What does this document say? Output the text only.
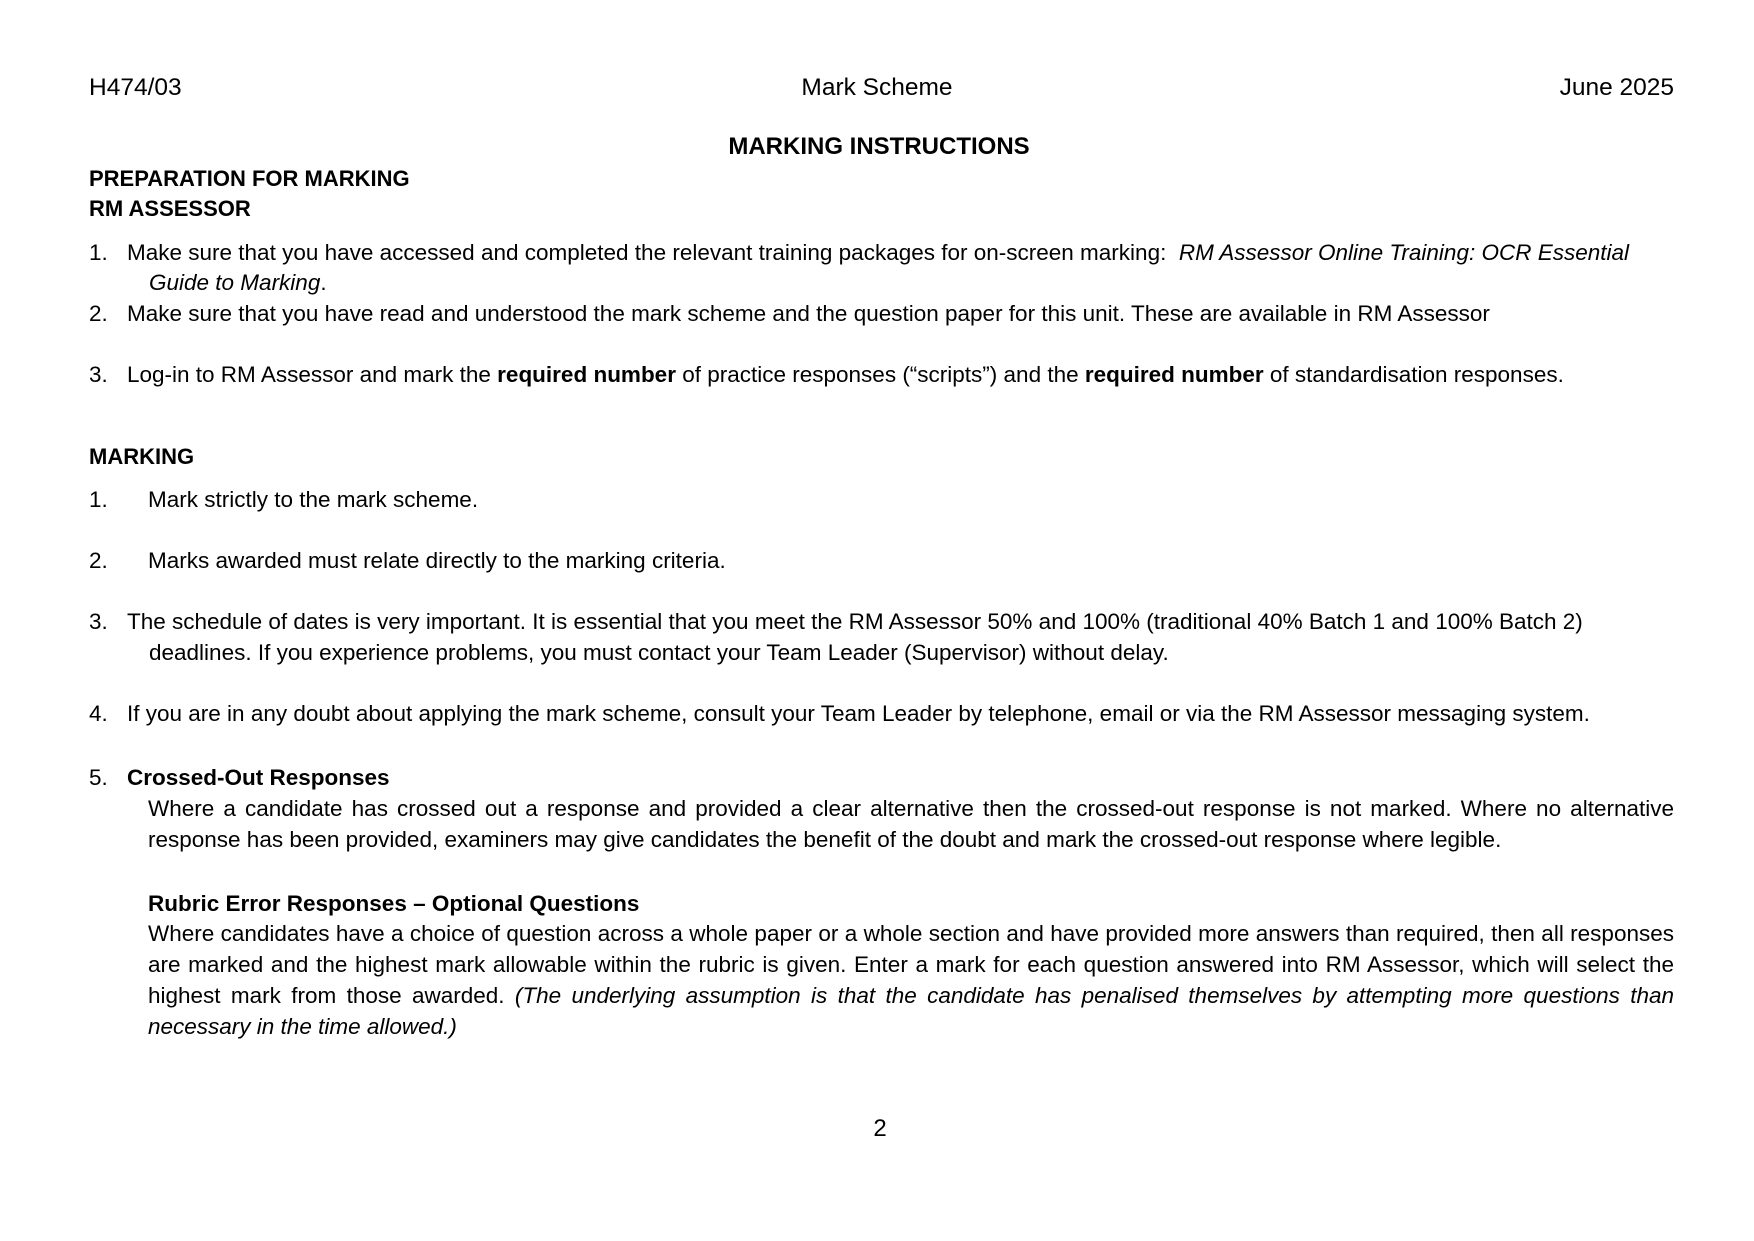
H474/03	Mark Scheme	June 2025
MARKING INSTRUCTIONS
PREPARATION FOR MARKING
RM ASSESSOR
1. Make sure that you have accessed and completed the relevant training packages for on-screen marking: RM Assessor Online Training: OCR Essential
Guide to Marking.
2. Make sure that you have read and understood the mark scheme and the question paper for this unit. These are available in RM Assessor
3. Log-in to RM Assessor and mark the required number of practice responses (“scripts”) and the required number of standardisation responses.
MARKING
1. Mark strictly to the mark scheme.
2. Marks awarded must relate directly to the marking criteria.
3. The schedule of dates is very important. It is essential that you meet the RM Assessor 50% and 100% (traditional 40% Batch 1 and 100% Batch 2)
deadlines. If you experience problems, you must contact your Team Leader (Supervisor) without delay.
4. If you are in any doubt about applying the mark scheme, consult your Team Leader by telephone, email or via the RM Assessor messaging system.
5. Crossed-Out Responses
Where a candidate has crossed out a response and provided a clear alternative then the crossed-out response is not marked. Where no alternative response has been provided, examiners may give candidates the benefit of the doubt and mark the crossed-out response where legible.
Rubric Error Responses – Optional Questions
Where candidates have a choice of question across a whole paper or a whole section and have provided more answers than required, then all responses are marked and the highest mark allowable within the rubric is given. Enter a mark for each question answered into RM Assessor, which will select the highest mark from those awarded. (The underlying assumption is that the candidate has penalised themselves by attempting more questions than necessary in the time allowed.)
2
